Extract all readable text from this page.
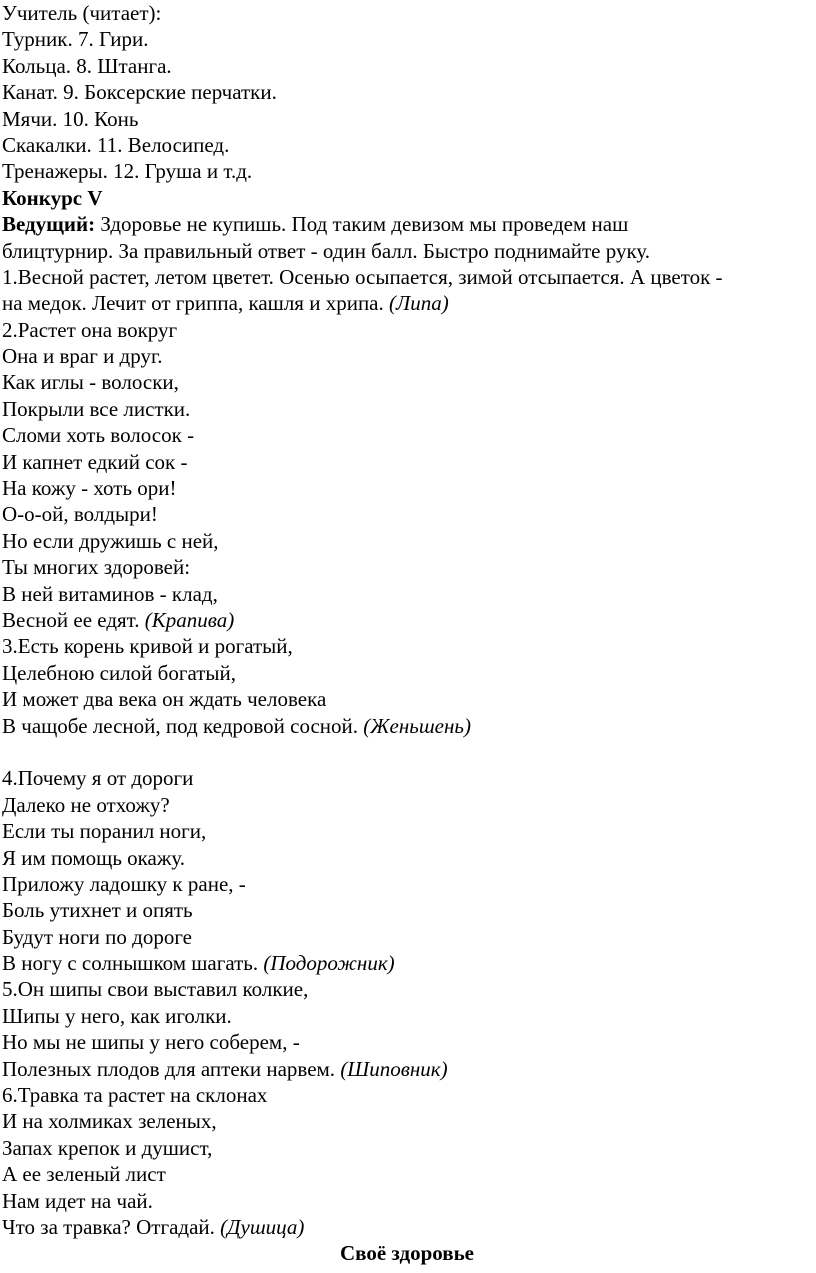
Учитель (читает):
Турник. 7. Гири.
Кольца. 8. Штанга.
Канат. 9. Боксерские перчатки.
Мячи. 10. Конь
Скакалки. 11. Велосипед.
Тренажеры. 12. Груша и т.д.
Конкурс V
Ведущий: Здоровье не купишь. Под таким девизом мы проведем наш
блицтурнир. За правильный ответ - один балл. Быстро поднимайте руку.
1.Весной растет, летом цветет. Осенью осыпается, зимой отсыпается. А цветок -
на медок. Лечит от гриппа, кашля и хрипа. (Липа)
2.Растет она вокруг
Она и враг и друг.
Как иглы - волоски,
Покрыли все листки.
Сломи хоть волосок -
И капнет едкий сок -
На кожу - хоть ори!
О-о-ой, волдыри!
Но если дружишь с ней,
Ты многих здоровей:
В ней витаминов - клад,
Весной ее едят. (Крапива)
3.Есть корень кривой и рогатый,
Целебною силой богатый,
И может два века он ждать человека
В чащобе лесной, под кедровой сосной. (Женьшень)
4.Почему я от дороги
Далеко не отхожу?
Если ты поранил ноги,
Я им помощь окажу.
Приложу ладошку к ране, -
Боль утихнет и опять
Будут ноги по дороге
В ногу с солнышком шагать. (Подорожник)
5.Он шипы свои выставил колкие,
Шипы у него, как иголки.
Но мы не шипы у него соберем, -
Полезных плодов для аптеки нарвем. (Шиповник)
6.Травка та растет на склонах
И на холмиках зеленых,
Запах крепок и душист,
А ее зеленый лист
Нам идет на чай.
Что за травка? Отгадай. (Душица)
Своё здоровье
